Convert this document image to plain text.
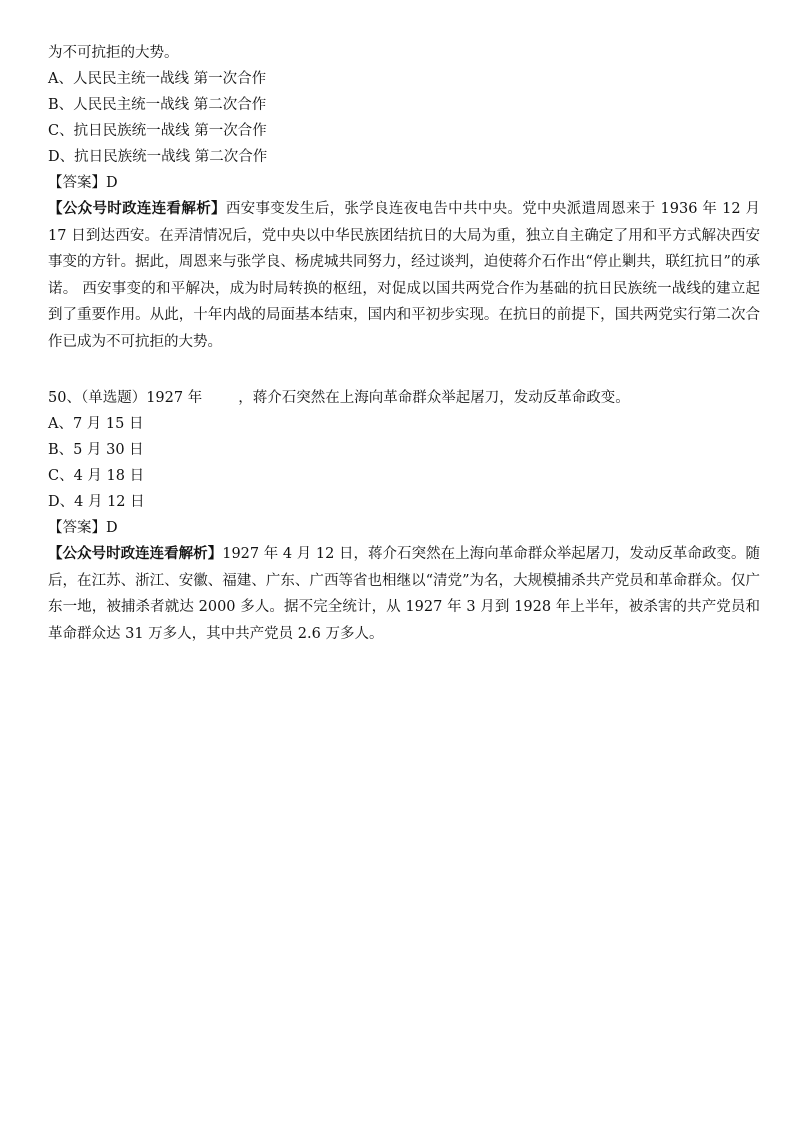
为不可抗拒的大势。
A、人民民主统一战线 第一次合作
B、人民民主统一战线 第二次合作
C、抗日民族统一战线 第一次合作
D、抗日民族统一战线 第二次合作
【答案】D

【公众号时政连连看解析】西安事变发生后，张学良连夜电告中共中央。党中央派遣周恩来于 1936 年 12 月 17 日到达西安。在弄清情况后，党中央以中华民族团结抗日的大局为重，独立自主确定了用和平方式解决西安事变的方针。据此，周恩来与张学良、杨虎城共同努力，经过谈判，迫使蒋介石作出“停止剿共，联红抗日”的承诺。 西安事变的和平解决，成为时局转换的枢纽，对促成以国共两党合作为基础的抗日民族统一战线的建立起到了重要作用。从此，十年内战的局面基本结束，国内和平初步实现。在抗日的前提下，国共两党实行第二次合作已成为不可抗拒的大势。

50、（单选题）1927 年 ，蒋介石突然在上海向革命群众举起屠刀，发动反革命政变。
A、7 月 15 日
B、5 月 30 日
C、4 月 18 日
D、4 月 12 日
【答案】D

【公众号时政连连看解析】1927 年 4 月 12 日，蒋介石突然在上海向革命群众举起屠刀，发动反革命政变。随后，在江苏、浙江、安徽、福建、广东、广西等省也相继以“清党”为名，大规模捕杀共产党员和革命群众。仅广东一地，被捕杀者就达 2000 多人。据不完全统计，从 1927 年 3 月到 1928 年上半年，被杀害的共产党员和革命群众达 31 万多人，其中共产党员 2.6 万多人。
